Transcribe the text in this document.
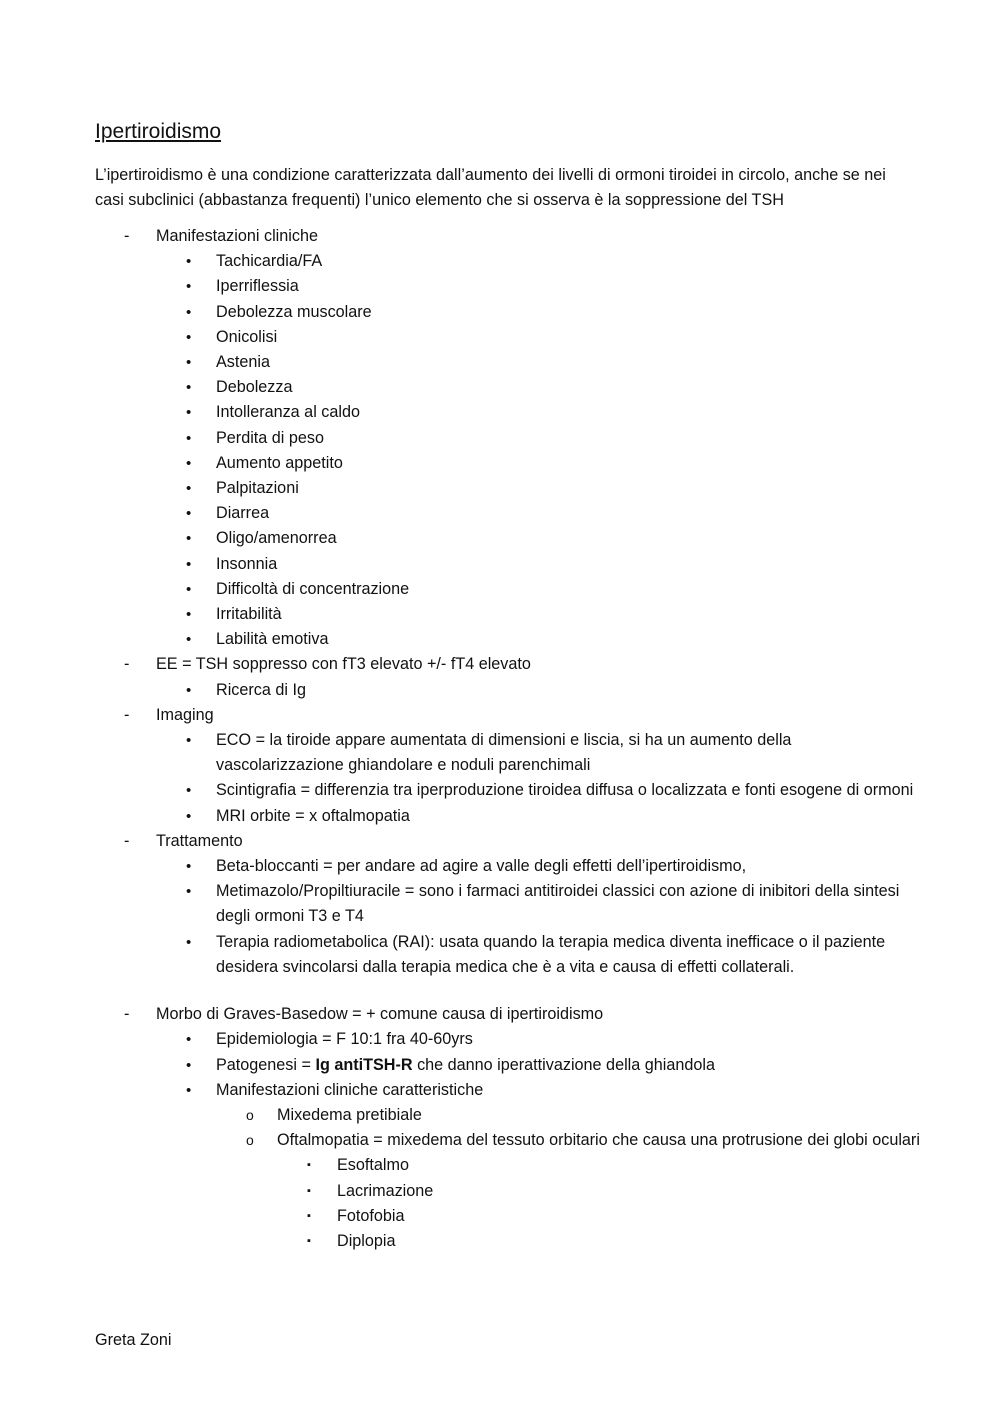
Ipertiroidismo

L’ipertiroidismo è una condizione caratterizzata dall’aumento dei livelli di ormoni tiroidei in circolo, anche se nei casi subclinici (abbastanza frequenti) l’unico elemento che si osserva è la soppressione del TSH

- Manifestazioni cliniche
• Tachicardia/FA
• Iperriflessia
• Debolezza muscolare
• Onicolisi
• Astenia
• Debolezza
• Intolleranza al caldo
• Perdita di peso
• Aumento appetito
• Palpitazioni
• Diarrea
• Oligo/amenorrea
• Insonnia
• Difficoltà di concentrazione
• Irritabilità
• Labilità emotiva
- EE = TSH soppresso con fT3 elevato +/- fT4 elevato
• Ricerca di Ig
- Imaging
• ECO = la tiroide appare aumentata di dimensioni e liscia, si ha un aumento della vascolarizzazione ghiandolare e noduli parenchimali
• Scintigrafia = differenzia tra iperproduzione tiroidea diffusa o localizzata e fonti esogene di ormoni
• MRI orbite = x oftalmopatia
- Trattamento
• Beta-bloccanti = per andare ad agire a valle degli effetti dell’ipertiroidismo,
• Metimazolo/Propiltiuracile = sono i farmaci antitiroidei classici con azione di inibitori della sintesi degli ormoni T3 e T4
• Terapia radiometabolica (RAI): usata quando la terapia medica diventa inefficace o il paziente desidera svincolarsi dalla terapia medica che è a vita e causa di effetti collaterali.
- Morbo di Graves-Basedow = + comune causa di ipertiroidismo
• Epidemiologia = F 10:1 fra 40-60yrs
• Patogenesi = Ig antiTSH-R che danno iperattivazione della ghiandola
• Manifestazioni cliniche caratteristiche
o Mixedema pretibiale
o Oftalmopatia = mixedema del tessuto orbitario che causa una protrusione dei globi oculari
▪ Esoftalmo
▪ Lacrimazione
▪ Fotofobia
▪ Diplopia
Greta Zoni
